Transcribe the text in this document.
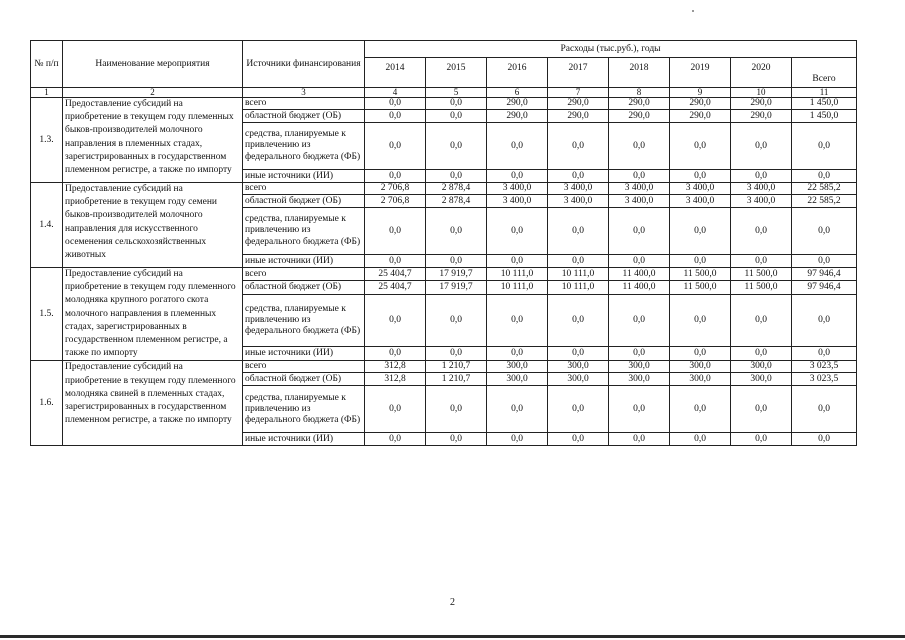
№ п/п	Наименование мероприятия	Источники финансирования	Расходы (тыс.руб.), годы							
			2014	2015	2016	2017	2018	2019	2020	Всего
1	2	3	4	5	6	7	8	9	10	11
1.3.	Предоставление субсидий на приобретение в текущем году племенных быков-производителей молочного направления в племенных стадах, зарегистрированных в государственном племенном регистре, а также по импорту	всего	0,0	0,0	290,0	290,0	290,0	290,0	290,0	1 450,0
		областной бюджет (ОБ)	0,0	0,0	290,0	290,0	290,0	290,0	290,0	1 450,0
		средства, планируемые к привлечению из федерального бюджета (ФБ)	0,0	0,0	0,0	0,0	0,0	0,0	0,0	0,0
		иные источники (ИИ)	0,0	0,0	0,0	0,0	0,0	0,0	0,0	0,0
1.4.	Предоставление субсидий на приобретение в текущем году семени быков-производителей молочного направления для искусственного осеменения сельскохозяйственных животных	всего	2 706,8	2 878,4	3 400,0	3 400,0	3 400,0	3 400,0	3 400,0	22 585,2
		областной бюджет (ОБ)	2 706,8	2 878,4	3 400,0	3 400,0	3 400,0	3 400,0	3 400,0	22 585,2
		средства, планируемые к привлечению из федерального бюджета (ФБ)	0,0	0,0	0,0	0,0	0,0	0,0	0,0	0,0
		иные источники (ИИ)	0,0	0,0	0,0	0,0	0,0	0,0	0,0	0,0
1.5.	Предоставление субсидий на приобретение в текущем году племенного молодняка крупного рогатого скота молочного направления в племенных стадах, зарегистрированных в государственном племенном регистре, а также по импорту	всего	25 404,7	17 919,7	10 111,0	10 111,0	11 400,0	11 500,0	11 500,0	97 946,4
		областной бюджет (ОБ)	25 404,7	17 919,7	10 111,0	10 111,0	11 400,0	11 500,0	11 500,0	97 946,4
		средства, планируемые к привлечению из федерального бюджета (ФБ)	0,0	0,0	0,0	0,0	0,0	0,0	0,0	0,0
		иные источники (ИИ)	0,0	0,0	0,0	0,0	0,0	0,0	0,0	0,0
1.6.	Предоставление субсидий на приобретение в текущем году племенного молодняка свиней в племенных стадах, зарегистрированных в государственном племенном регистре, а также по импорту	всего	312,8	1 210,7	300,0	300,0	300,0	300,0	300,0	3 023,5
		областной бюджет (ОБ)	312,8	1 210,7	300,0	300,0	300,0	300,0	300,0	3 023,5
		средства, планируемые к привлечению из федерального бюджета (ФБ)	0,0	0,0	0,0	0,0	0,0	0,0	0,0	0,0
		иные источники (ИИ)	0,0	0,0	0,0	0,0	0,0	0,0	0,0	0,0
2
